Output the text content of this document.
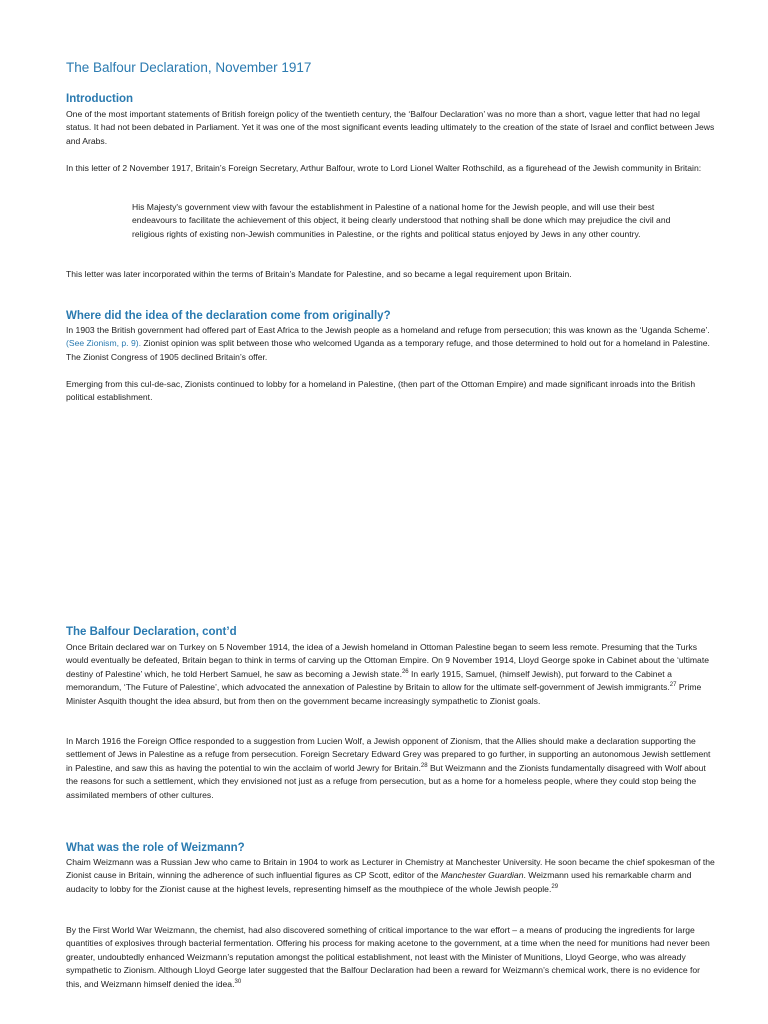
The Balfour Declaration, November 1917
Introduction

One of the most important statements of British foreign policy of the twentieth century, the ‘Balfour Declaration’ was no more than a short, vague letter that had no legal status. It had not been debated in Parliament. Yet it was one of the most significant events leading ultimately to the creation of the state of Israel and conflict between Jews and Arabs.

In this letter of 2 November 1917, Britain’s Foreign Secretary, Arthur Balfour, wrote to Lord Lionel Walter Rothschild, as a figurehead of the Jewish community in Britain:

His Majesty's government view with favour the establishment in Palestine of a national home for the Jewish people, and will use their best endeavours to facilitate the achievement of this object, it being clearly understood that nothing shall be done which may prejudice the civil and religious rights of existing non-Jewish communities in Palestine, or the rights and political status enjoyed by Jews in any other country.

This letter was later incorporated within the terms of Britain’s Mandate for Palestine, and so became a legal requirement upon Britain.

Where did the idea of the declaration come from originally?

In 1903 the British government had offered part of East Africa to the Jewish people as a homeland and refuge from persecution; this was known as the ‘Uganda Scheme’. (See Zionism, p. 9). Zionist opinion was split between those who welcomed Uganda as a temporary refuge, and those determined to hold out for a homeland in Palestine. The Zionist Congress of 1905 declined Britain’s offer.

Emerging from this cul-de-sac, Zionists continued to lobby for a homeland in Palestine, (then part of the Ottoman Empire) and made significant inroads into the British political establishment.

The Balfour Declaration, cont’d

Once Britain declared war on Turkey on 5 November 1914, the idea of a Jewish homeland in Ottoman Palestine began to seem less remote. Presuming that the Turks would eventually be defeated, Britain began to think in terms of carving up the Ottoman Empire. On 9 November 1914, Lloyd George spoke in Cabinet about the ‘ultimate destiny of Palestine’ which, he told Herbert Samuel, he saw as becoming a Jewish state.$^{26}$ In early 1915, Samuel, (himself Jewish), put forward to the Cabinet a memorandum, ‘The Future of Palestine’, which advocated the annexation of Palestine by Britain to allow for the ultimate self-government of Jewish immigrants.$^{27}$ Prime Minister Asquith thought the idea absurd, but from then on the government became increasingly sympathetic to Zionist goals.

In March 1916 the Foreign Office responded to a suggestion from Lucien Wolf, a Jewish opponent of Zionism, that the Allies should make a declaration supporting the settlement of Jews in Palestine as a refuge from persecution. Foreign Secretary Edward Grey was prepared to go further, in supporting an autonomous Jewish settlement in Palestine, and saw this as having the potential to win the acclaim of world Jewry for Britain.$^{28}$ But Weizmann and the Zionists fundamentally disagreed with Wolf about the reasons for such a settlement, which they envisioned not just as a refuge from persecution, but as a home for a homeless people, where they could stop being the assimilated members of other cultures.

What was the role of Weizmann?

Chaim Weizmann was a Russian Jew who came to Britain in 1904 to work as Lecturer in Chemistry at Manchester University. He soon became the chief spokesman of the Zionist cause in Britain, winning the adherence of such influential figures as CP Scott, editor of the Manchester Guardian. Weizmann used his remarkable charm and audacity to lobby for the Zionist cause at the highest levels, representing himself as the mouthpiece of the whole Jewish people.$^{29}$

By the First World War Weizmann, the chemist, had also discovered something of critical importance to the war effort – a means of producing the ingredients for large quantities of explosives through bacterial fermentation. Offering his process for making acetone to the government, at a time when the need for munitions had never been greater, undoubtedly enhanced Weizmann’s reputation amongst the political establishment, not least with the Minister of Munitions, Lloyd George, who was already sympathetic to Zionism. Although Lloyd George later suggested that the Balfour Declaration had been a reward for Weizmann’s chemical work, there is no evidence for this, and Weizmann himself denied the idea.$^{30}$
